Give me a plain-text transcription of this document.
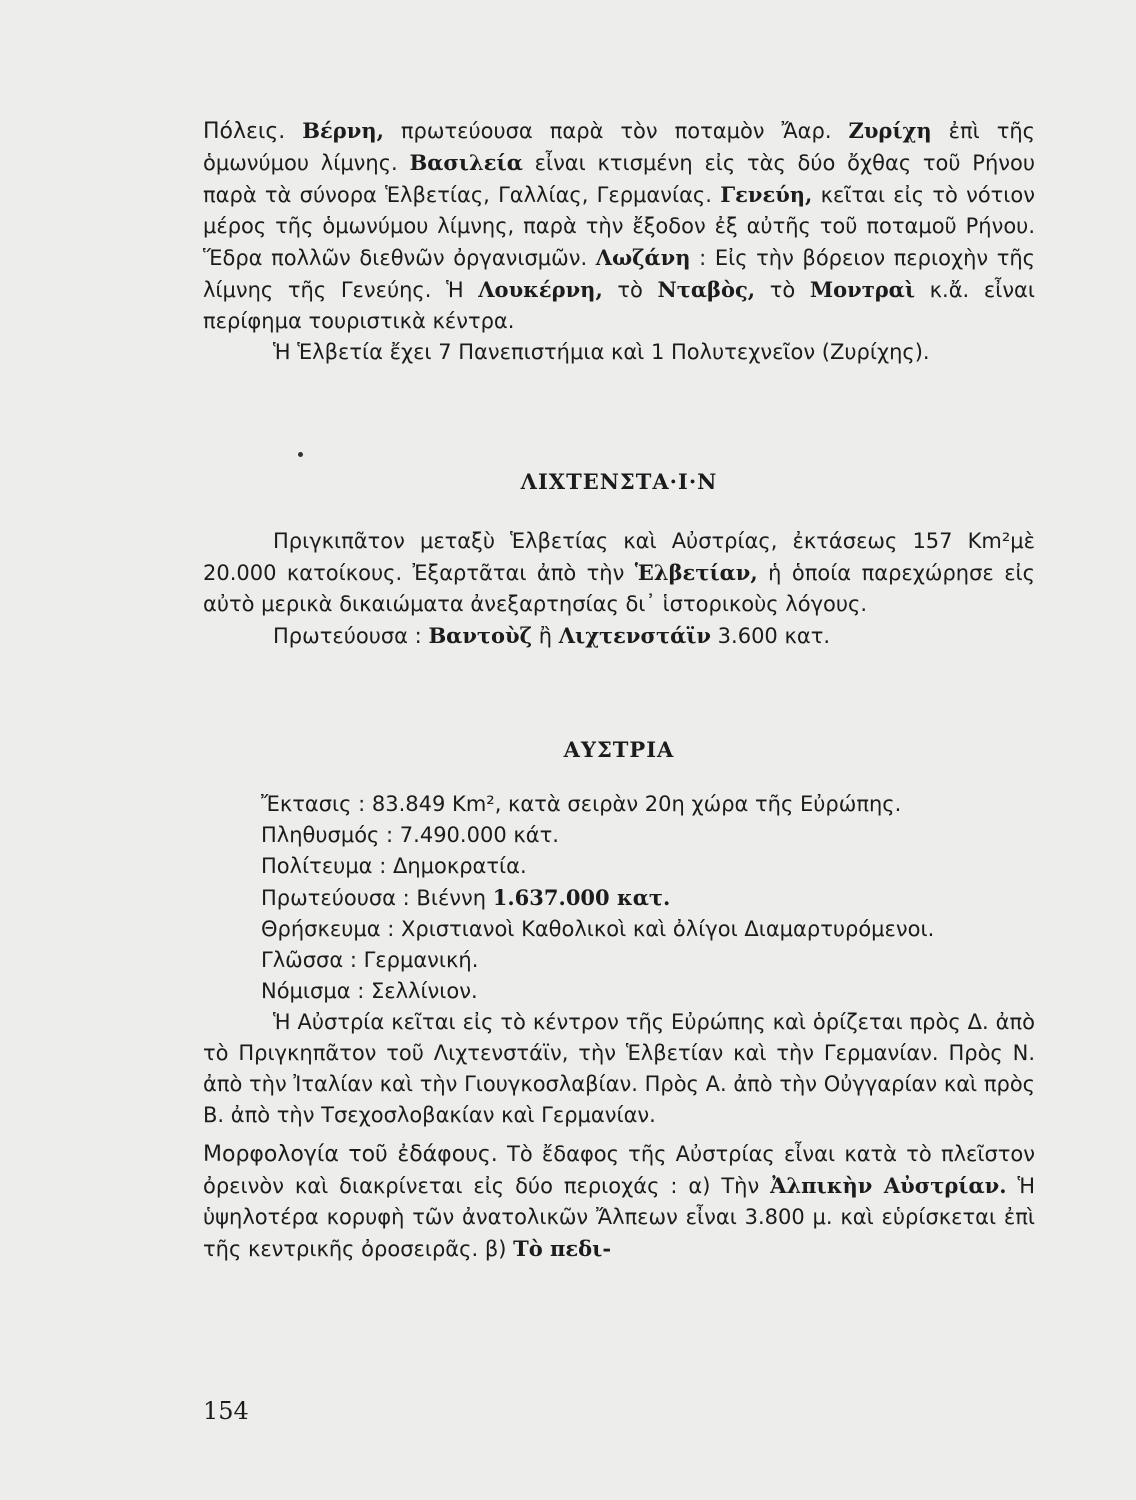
Πόλεις. Βέρνη, πρωτεύουσα παρὰ τὸν ποταμὸν Ἄαρ. Ζυρίχη ἐπὶ τῆς ὁμωνύμου λίμνης. Βασιλεία εἶναι κτισμένη εἰς τὰς δύο ὄχθας τοῦ Ρήνου παρὰ τὰ σύνορα Ἑλβετίας, Γαλλίας, Γερμανίας. Γενεύη, κεῖται εἰς τὸ νότιον μέρος τῆς ὁμωνύμου λίμνης, παρὰ τὴν ἔξοδον ἐξ αὐτῆς τοῦ ποταμοῦ Ρήνου. Ἕδρα πολλῶν διεθνῶν ὀργανισμῶν. Λωζάνη : Εἰς τὴν βόρειον περιοχὴν τῆς λίμνης τῆς Γενεύης. Ἡ Λουκέρνη, τὸ Νταβὸς, τὸ Μονтραὶ κ.ἄ. εἶναι περίφημα τουριστικὰ κέντρα.

Ἡ Ἑλβετία ἔχει 7 Πανεπιστήμια καὶ 1 Πολυτεχνεῖον (Ζυρίχης).

ΛΙΧΤΕΝΣΤΑ·Ι·Ν

Πριγκιπᾶτον μεταξὺ Ἑλβετίας καὶ Αὐστρίας, ἐκτάσεως 157 Km²μὲ 20.000 κατοίκους. Ἐξαρτᾶται ἀπὸ τὴν Ἑλβετίαν, ἡ ὁποία παρεχώρησε εἰς αὐτὸ μερικὰ δικαιώματα ἀνεξαρτησίας δι᾽ ἱστορικοὺς λόγους.

Πρωτεύουσα : Βαντοὺζ ἢ Λιχτενστάϊν 3.600 κατ.

ΑΥΣΤΡΙΑ

Ἔκτασις : 83.849 Km², κατὰ σειρὰν 20η χώρα τῆς Εὐρώπης.

Πληθυσμός : 7.490.000 κάτ.

Πολίτευμα : Δημοκρατία.

Πρωτεύουσα : Βιέννη 1.637.000 κατ.

Θρήσκευμα : Χριστιανοὶ Καθολικοὶ καὶ ὀλίγοι Διαμαρτυρόμενοι.

Γλῶσσα : Γερμανική.

Νόμισμα : Σελλίνιον.

Ἡ Αὐστρία κεῖται εἰς τὸ κέντρον τῆς Εὐρώπης καὶ ὁρίζεται πρὸς Δ. ἀπὸ τὸ Πριγκηπᾶτον τοῦ Λιχτενστάϊν, τὴν Ἑλβετίαν καὶ τὴν Γερμανίαν. Πρὸς Ν. ἀπὸ τὴν Ἰταλίαν καὶ τὴν Γιουγκοσλαβίαν. Πρὸς Α. ἀπὸ τὴν Οὐγγαρίαν καὶ πρὸς Β. ἀπὸ τὴν Τσεχοσλοβακίαν καὶ Γερμανίαν.

Μορφολογία τοῦ ἐδάφους. Τὸ ἔδαφος τῆς Αὐστρίας εἶναι κατὰ τὸ πλεῖστον ὀρεινὸν καὶ διακρίνεται εἰς δύο περιοχάς : α) Τὴν Ἀλπικὴν Αὐστρίαν. Ἡ ὑψηλοτέρα κορυφὴ τῶν ἀνατολικῶν Ἄλπεων εἶναι 3.800 μ. καὶ εὑρίσκεται ἐπὶ τῆς κεντρικῆς ὀροσειρᾶς. β) Τὸ πεδι-

154
